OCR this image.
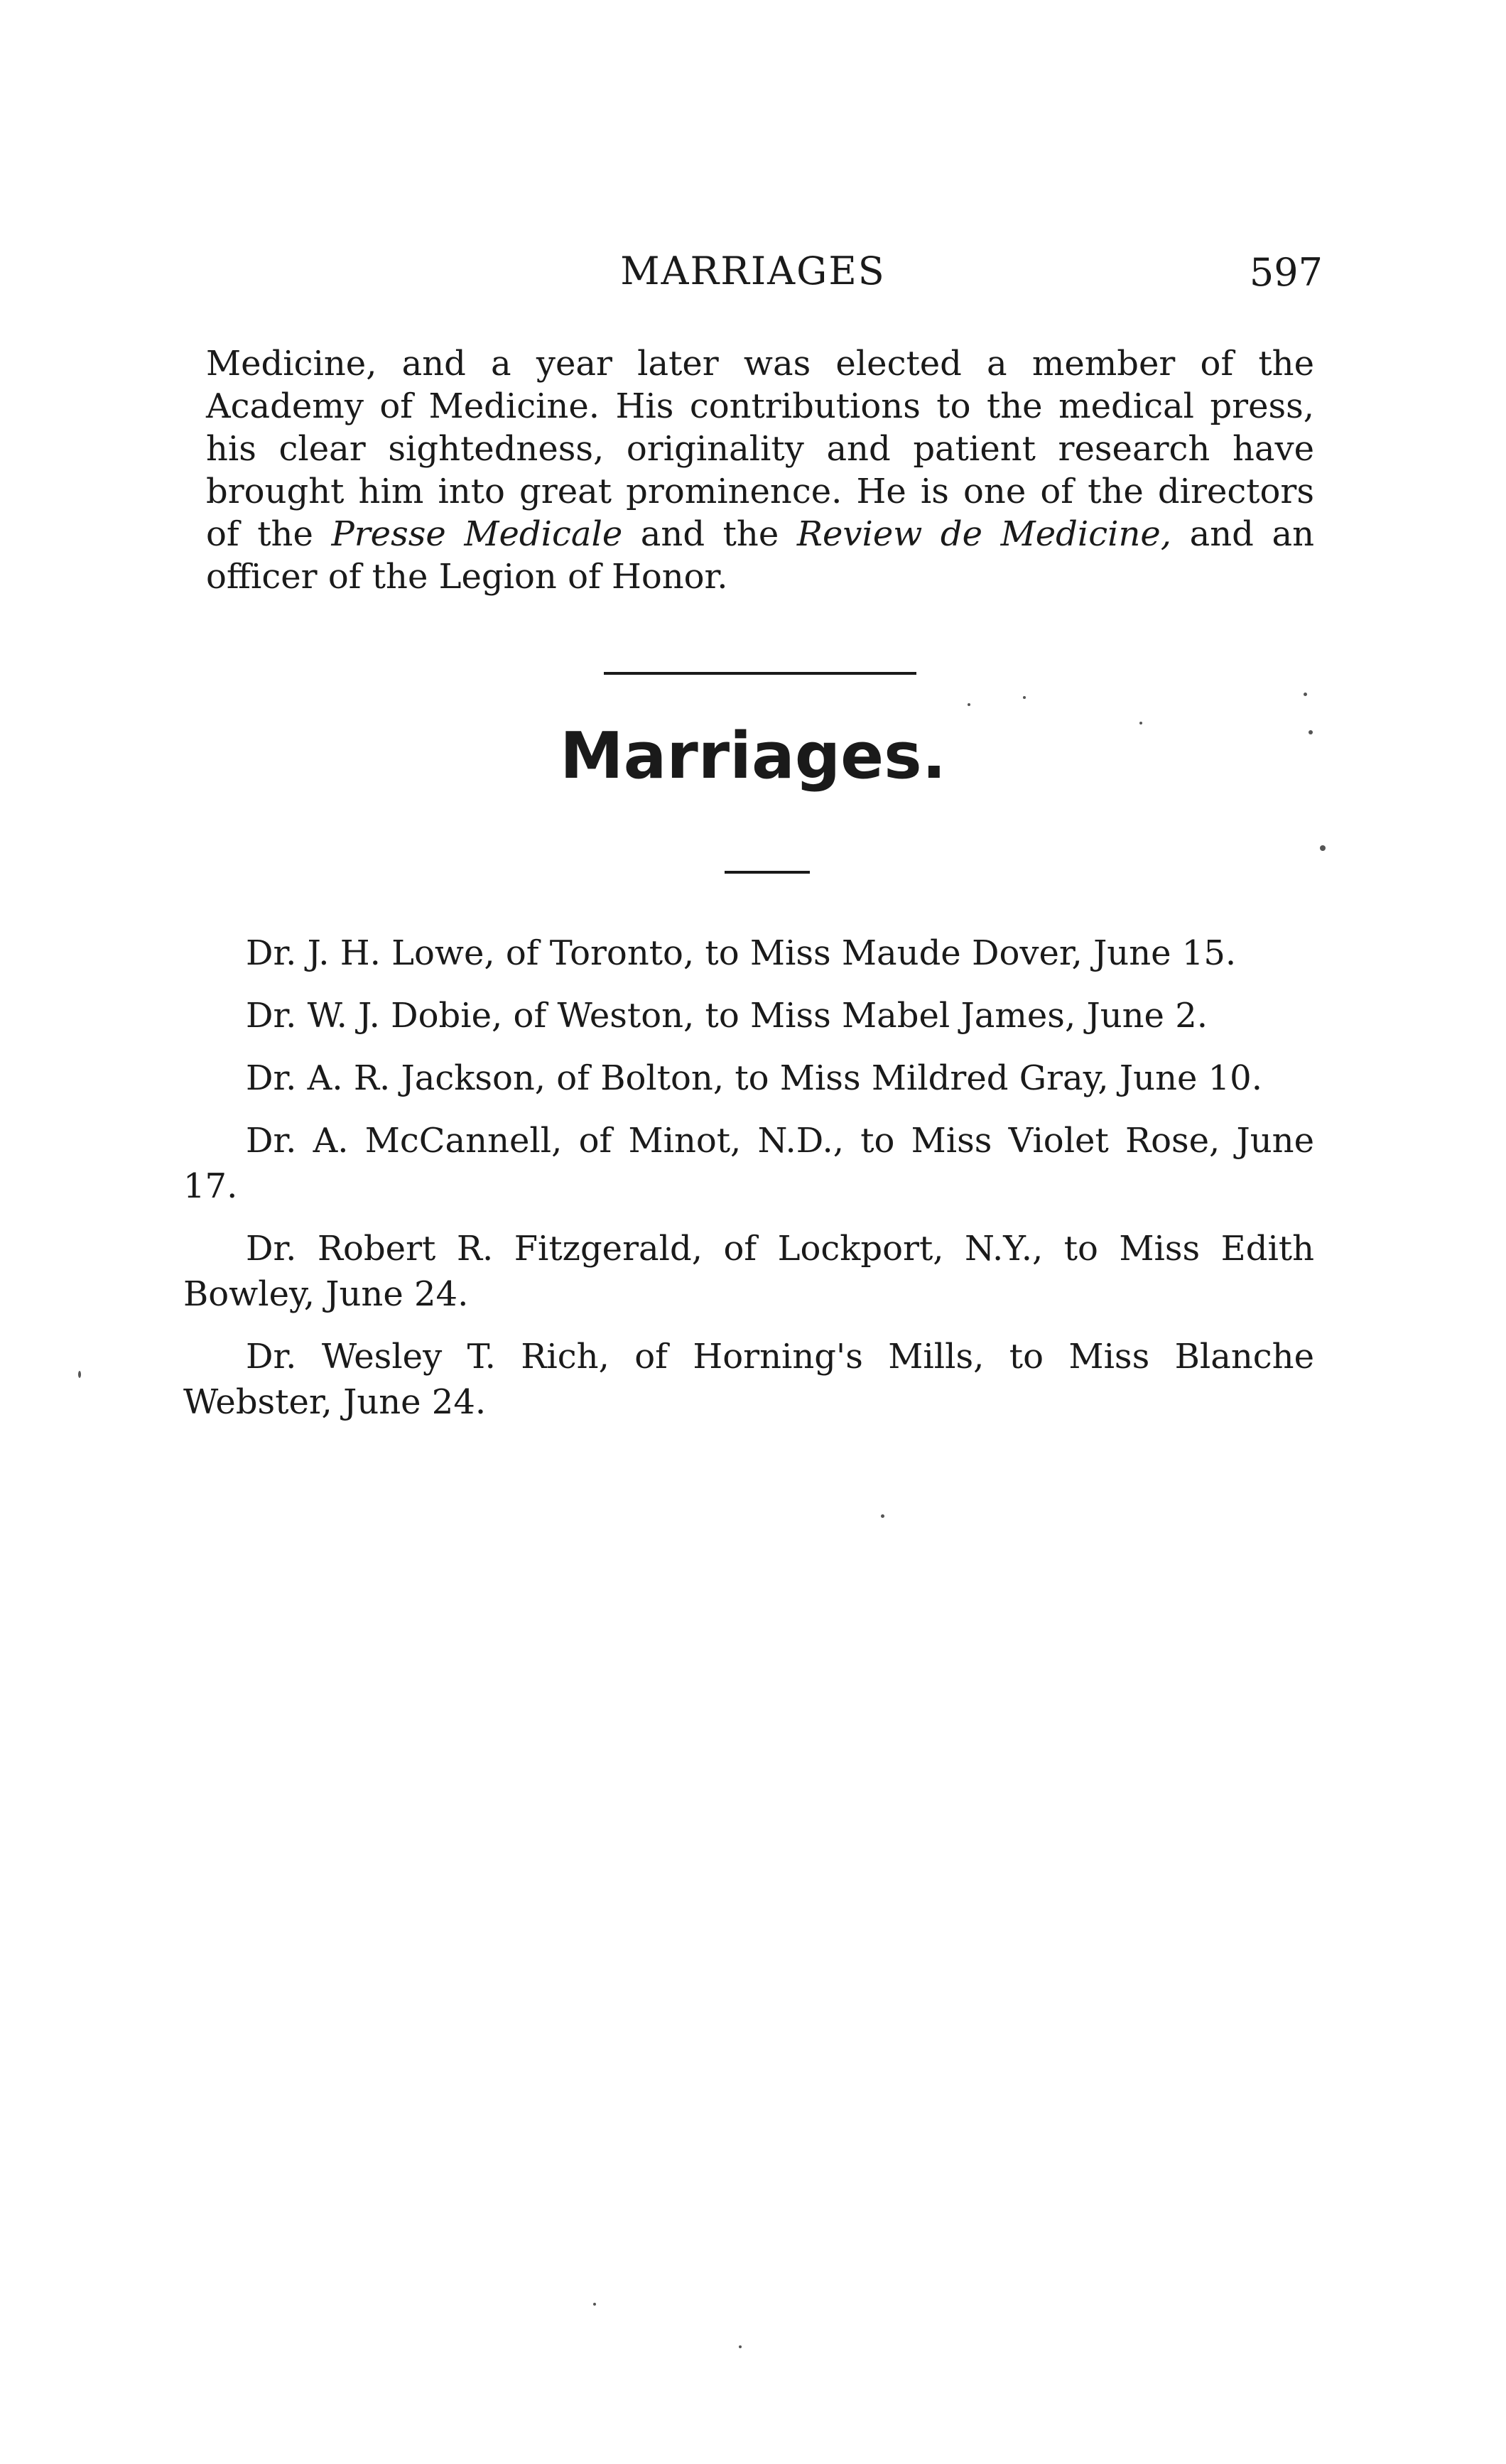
MARRIAGES	597

Medicine, and a year later was elected a member of the Academy of Medicine. His contributions to the medical press, his clear sightedness, originality and patient research have brought him into great prominence. He is one of the directors of the Presse Medicale and the Review de Medicine, and an officer of the Legion of Honor.

Marriages.

Dr. J. H. Lowe, of Toronto, to Miss Maude Dover, June 15.

Dr. W. J. Dobie, of Weston, to Miss Mabel James, June 2.

Dr. A. R. Jackson, of Bolton, to Miss Mildred Gray, June 10.

Dr. A. McCannell, of Minot, N.D., to Miss Violet Rose, June 17.

Dr. Robert R. Fitzgerald, of Lockport, N.Y., to Miss Edith Bowley, June 24.

Dr. Wesley T. Rich, of Horning's Mills, to Miss Blanche Webster, June 24.
